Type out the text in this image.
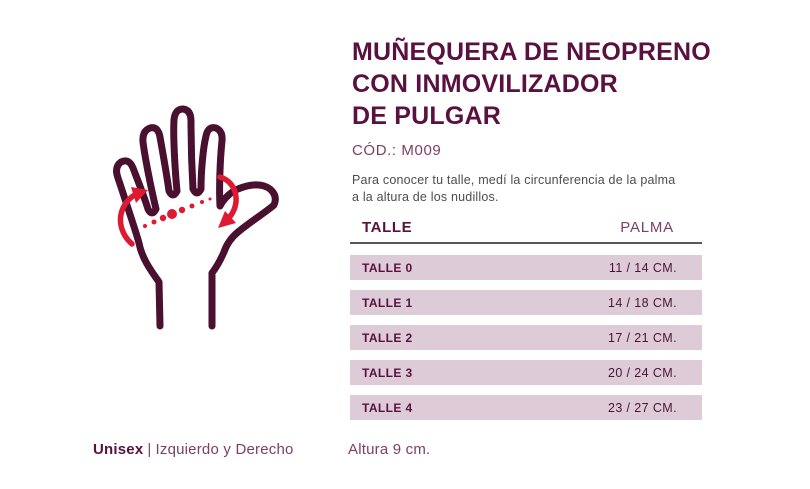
MUÑEQUERA DE NEOPRENO
CON INMOVILIZADOR
DE PULGAR
CÓD.: M009
Para conocer tu talle, medí la circunferencia de la palma
a la altura de los nudillos.
TALLE	PALMA
TALLE 0	11 / 14 CM.
TALLE 1	14 / 18 CM.
TALLE 2	17 / 21 CM.
TALLE 3	20 / 24 CM.
TALLE 4	23 / 27 CM.
Unisex | Izquierdo y Derecho	Altura 9 cm.
